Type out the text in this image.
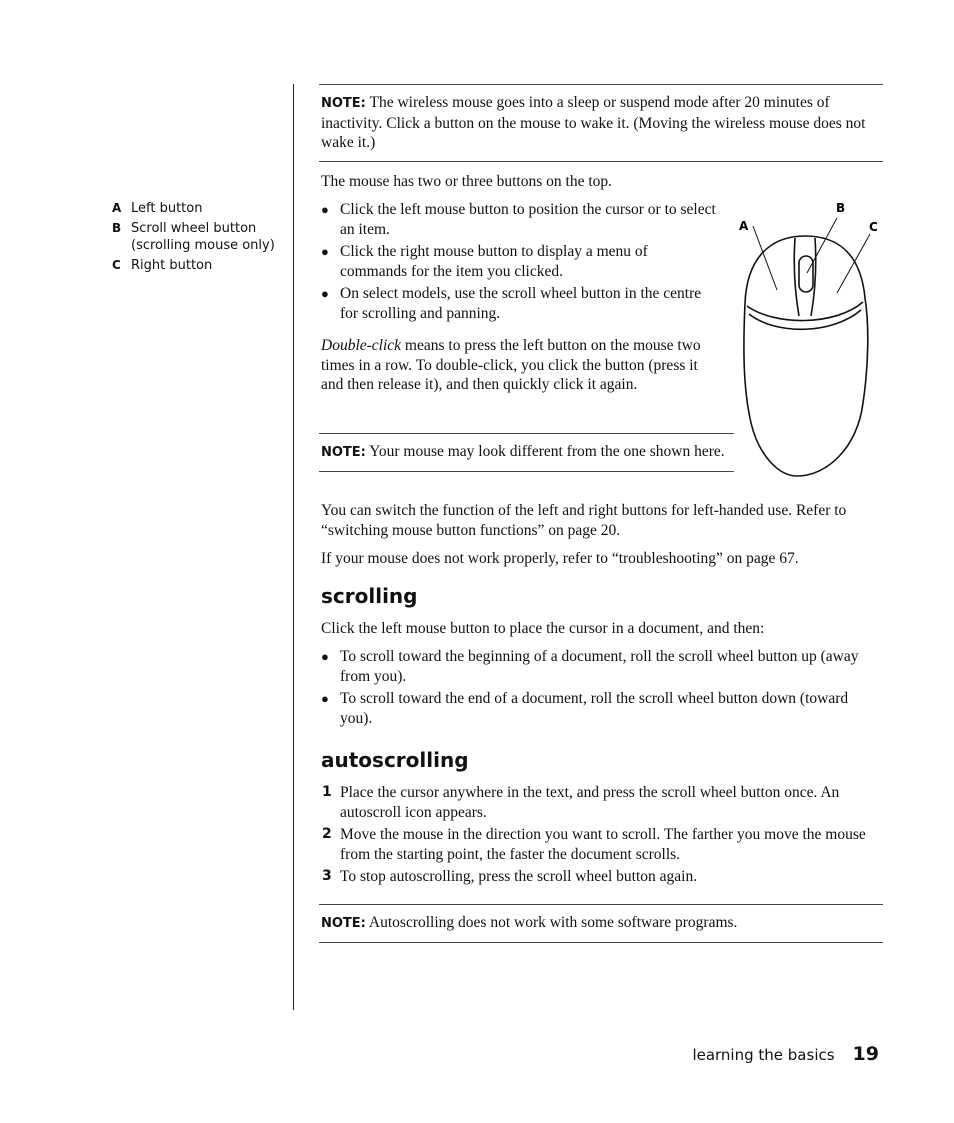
A Left button
B Scroll wheel button (scrolling mouse only)
C Right button

NOTE: The wireless mouse goes into a sleep or suspend mode after 20 minutes of inactivity. Click a button on the mouse to wake it. (Moving the wireless mouse does not wake it.)

The mouse has two or three buttons on the top.

● Click the left mouse button to position the cursor or to select an item.
● Click the right mouse button to display a menu of commands for the item you clicked.
● On select models, use the scroll wheel button in the centre for scrolling and panning.

Double-click means to press the left button on the mouse two times in a row. To double-click, you click the button (press it and then release it), and then quickly click it again.

NOTE: Your mouse may look different from the one shown here.

A
B
C

You can switch the function of the left and right buttons for left-handed use. Refer to “switching mouse button functions” on page 20.

If your mouse does not work properly, refer to “troubleshooting” on page 67.

scrolling

Click the left mouse button to place the cursor in a document, and then:

● To scroll toward the beginning of a document, roll the scroll wheel button up (away from you).
● To scroll toward the end of a document, roll the scroll wheel button down (toward you).
autoscrolling
1 Place the cursor anywhere in the text, and press the scroll wheel button once. An autoscroll icon appears.
2 Move the mouse in the direction you want to scroll. The farther you move the mouse from the starting point, the faster the document scrolls.
3 To stop autoscrolling, press the scroll wheel button again.

NOTE: Autoscrolling does not work with some software programs.

learning the basics 19
